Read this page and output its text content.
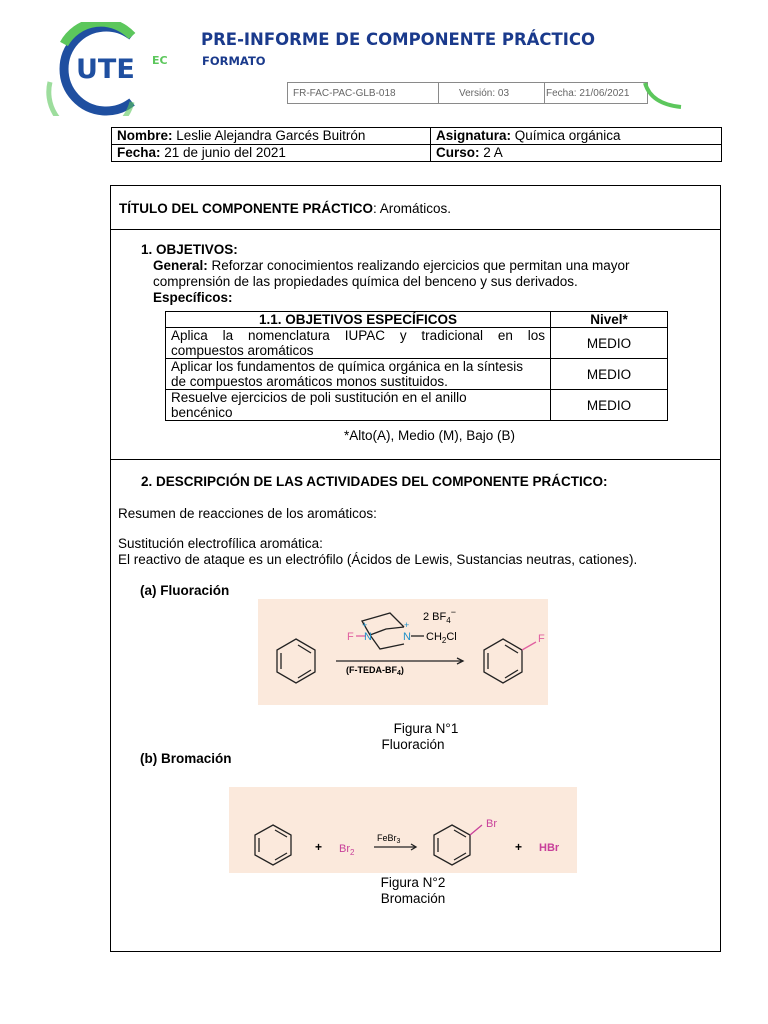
UTE EC
PRE-INFORME DE COMPONENTE PRÁCTICO
FORMATO
FR-FAC-PAC-GLB-018	Versión: 03	Fecha: 21/06/2021
Nombre: Leslie Alejandra Garcés Buitrón	Asignatura: Química orgánica
Fecha: 21 de junio del 2021	Curso: 2 A
TÍTULO DEL COMPONENTE PRÁCTICO: Aromáticos.
1. OBJETIVOS:
General: Reforzar conocimientos realizando ejercicios que permitan una mayor
comprensión de las propiedades química del benceno y sus derivados.
Específicos:
1.1. OBJETIVOS ESPECÍFICOS	Nivel*

Aplica la nomenclatura IUPAC y tradicional en los
compuestos aromáticos	MEDIO

Aplicar los fundamentos de química orgánica en la síntesis
de compuestos aromáticos monos sustituidos.	MEDIO

Resuelve ejercicios de poli sustitución en el anillo
bencénico	MEDIO
*Alto(A), Medio (M), Bajo (B)
2. DESCRIPCIÓN DE LAS ACTIVIDADES DEL COMPONENTE PRÁCTICO:
Resumen de reacciones de los aromáticos:
Sustitución electrofílica aromática:
El reactivo de ataque es un electrófilo (Ácidos de Lewis, Sustancias neutras, cationes).
(a) Fluoración
2 $BF_4^-$
F N	N
+	+
$CH_2Cl$
$(F-TEDA-BF_4)$
F
Figura N°1
Fluoración
(b) Bromación
+ $Br_2$
FeBr$_3$
Br
+ HBr
Figura N°2
Bromación
